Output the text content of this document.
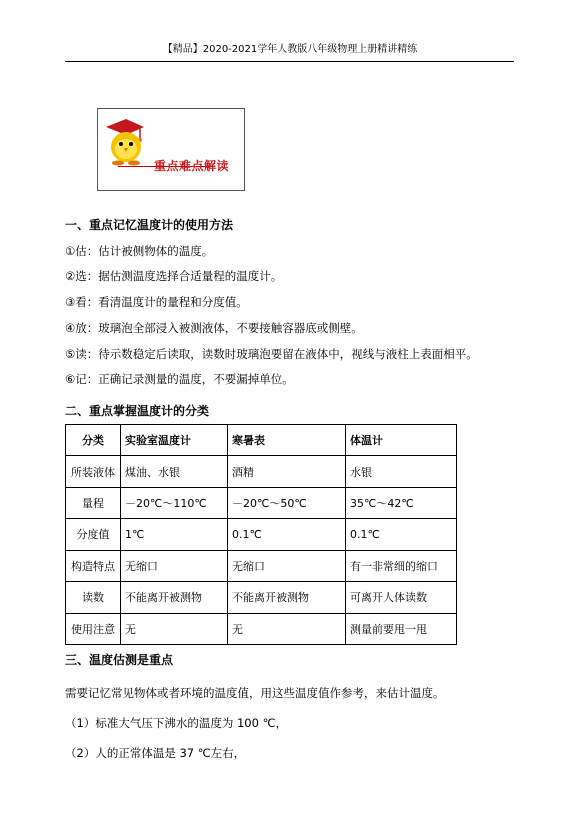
【精品】2020-2021学年人教版八年级物理上册精讲精练
重点难点解读
一、重点记忆温度计的使用方法
①估：估计被侧物体的温度。
②选：据估测温度选择合适量程的温度计。
③看：看清温度计的量程和分度值。
④放：玻璃泡全部浸入被测液体，不要接触容器底或侧壁。
⑤读：待示数稳定后读取，读数时玻璃泡要留在液体中，视线与液柱上表面相平。
⑥记：正确记录测量的温度，不要漏掉单位。
二、重点掌握温度计的分类
分类	实验室温度计	寒暑表	体温计
所装液体	煤油、水银	酒精	水银
量程	－20℃～110℃	－20℃～50℃	35℃～42℃
分度值	1℃	0.1℃	0.1℃
构造特点	无缩口	无缩口	有一非常细的缩口
读数	不能离开被测物	不能离开被测物	可离开人体读数
使用注意	无	无	测量前要甩一甩
三、温度估测是重点
需要记忆常见物体或者环境的温度值，用这些温度值作参考，来估计温度。
（1）标准大气压下沸水的温度为 100 ℃，
（2）人的正常体温是 37 ℃左右，
